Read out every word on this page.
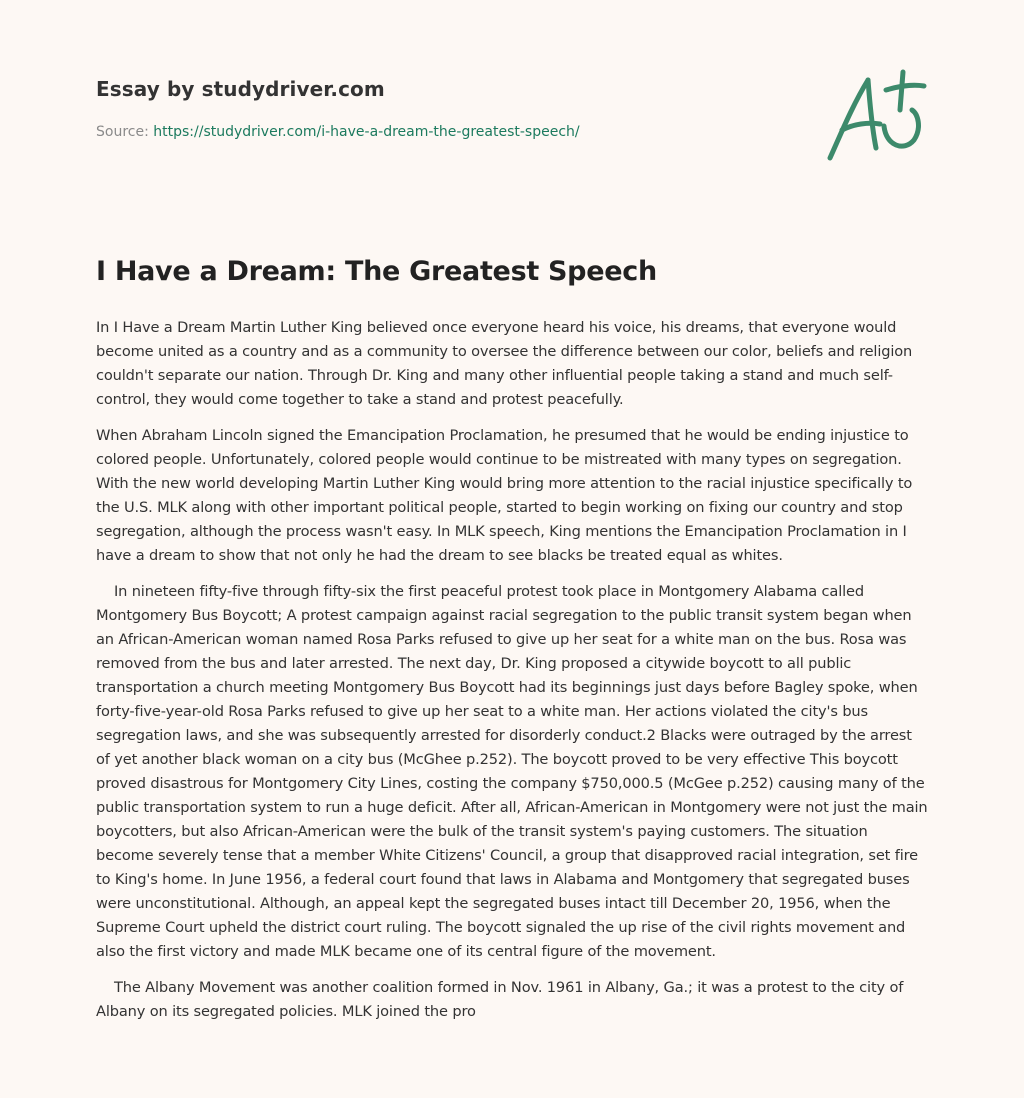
Essay by studydriver.com
Source: https://studydriver.com/i-have-a-dream-the-greatest-speech/
I Have a Dream: The Greatest Speech

In I Have a Dream Martin Luther King believed once everyone heard his voice, his dreams, that everyone would become united as a country and as a community to oversee the difference between our color, beliefs and religion couldn't separate our nation. Through Dr. King and many other influential people taking a stand and much self-control, they would come together to take a stand and protest peacefully.

When Abraham Lincoln signed the Emancipation Proclamation, he presumed that he would be ending injustice to colored people. Unfortunately, colored people would continue to be mistreated with many types on segregation. With the new world developing Martin Luther King would bring more attention to the racial injustice specifically to the U.S. MLK along with other important political people, started to begin working on fixing our country and stop segregation, although the process wasn't easy. In MLK speech, King mentions the Emancipation Proclamation in I have a dream to show that not only he had the dream to see blacks be treated equal as whites.

In nineteen fifty-five through fifty-six the first peaceful protest took place in Montgomery Alabama called Montgomery Bus Boycott; A protest campaign against racial segregation to the public transit system began when an African-American woman named Rosa Parks refused to give up her seat for a white man on the bus. Rosa was removed from the bus and later arrested. The next day, Dr. King proposed a citywide boycott to all public transportation a church meeting Montgomery Bus Boycott had its beginnings just days before Bagley spoke, when forty-five-year-old Rosa Parks refused to give up her seat to a white man. Her actions violated the city's bus segregation laws, and she was subsequently arrested for disorderly conduct.2 Blacks were outraged by the arrest of yet another black woman on a city bus (McGhee p.252). The boycott proved to be very effective This boycott proved disastrous for Montgomery City Lines, costing the company $750,000.5 (McGee p.252) causing many of the public transportation system to run a huge deficit. After all, African-American in Montgomery were not just the main boycotters, but also African-American were the bulk of the transit system's paying customers. The situation become severely tense that a member White Citizens' Council, a group that disapproved racial integration, set fire to King's home. In June 1956, a federal court found that laws in Alabama and Montgomery that segregated buses were unconstitutional. Although, an appeal kept the segregated buses intact till December 20, 1956, when the Supreme Court upheld the district court ruling. The boycott signaled the up rise of the civil rights movement and also the first victory and made MLK became one of its central figure of the movement.

The Albany Movement was another coalition formed in Nov. 1961 in Albany, Ga.; it was a protest to the city of Albany on its segregated policies. MLK joined the pro
